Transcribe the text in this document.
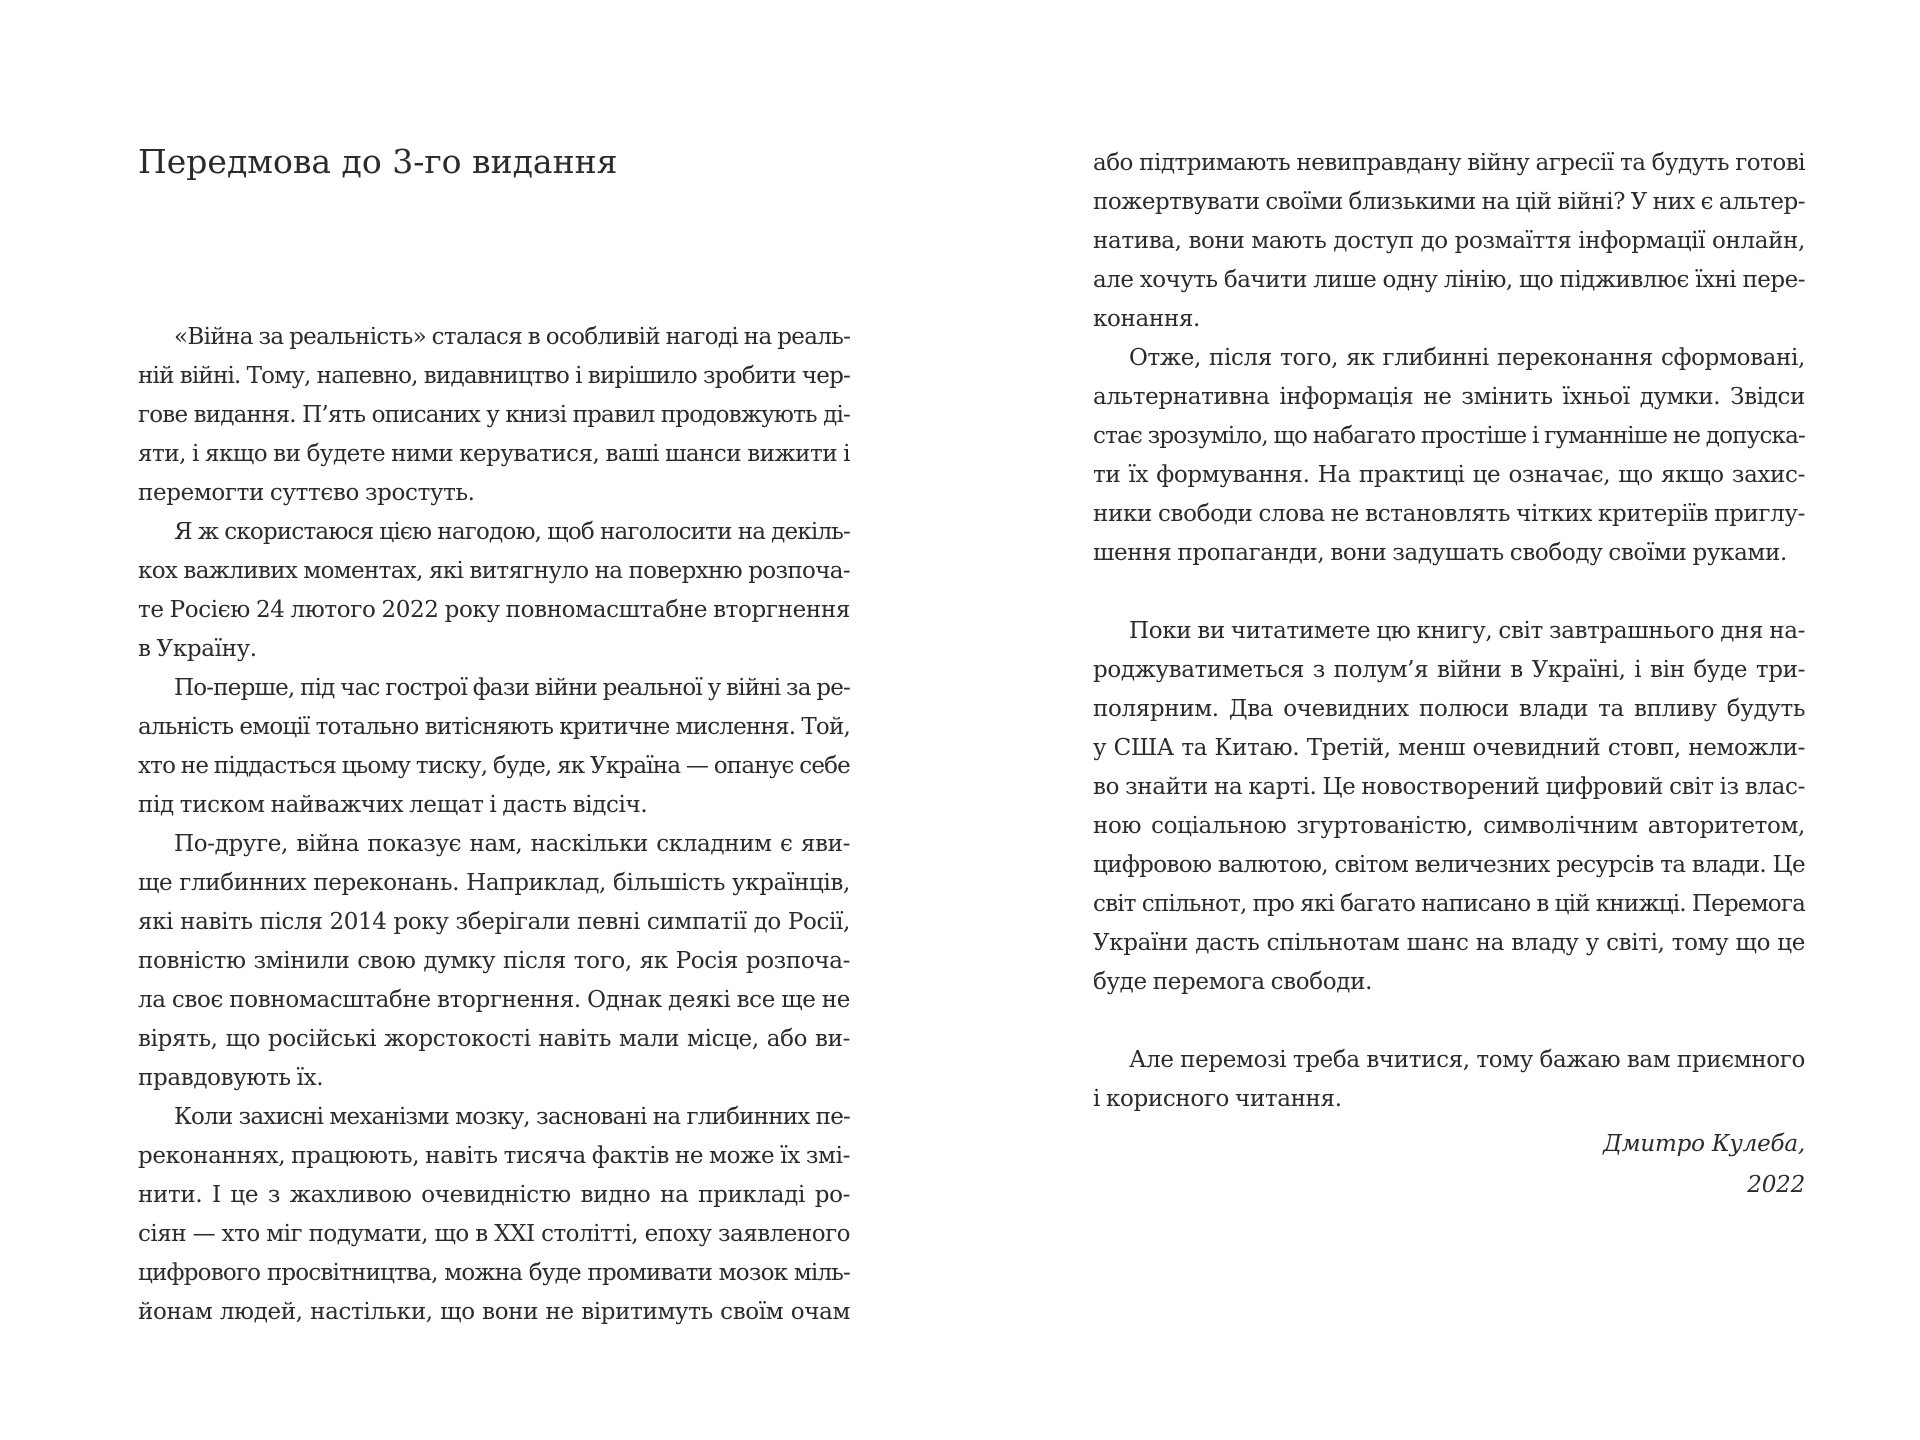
Передмова до 3-го видання
«Війна за реальність» сталася в особливій нагоді на реаль-
ній війні. Тому, напевно, видавництво і вирішило зробити чер-
гове видання. П’ять описаних у книзі правил продовжують ді-
яти, і якщо ви будете ними керуватися, ваші шанси вижити і
перемогти суттєво зростуть.
Я ж скористаюся цією нагодою, щоб наголосити на декіль-
кох важливих моментах, які витягнуло на поверхню розпоча-
те Росією 24 лютого 2022 року повномасштабне вторгнення
в Україну.
По-перше, під час гострої фази війни реальної у війні за ре-
альність емоції тотально витісняють критичне мислення. Той,
хто не піддасться цьому тиску, буде, як Україна — опанує себе
під тиском найважчих лещат і дасть відсіч.
По-друге, війна показує нам, наскільки складним є яви-
ще глибинних переконань. Наприклад, більшість українців,
які навіть після 2014 року зберігали певні симпатії до Росії,
повністю змінили свою думку після того, як Росія розпоча-
ла своє повномасштабне вторгнення. Однак деякі все ще не
вірять, що російські жорстокості навіть мали місце, або ви-
правдовують їх.
Коли захисні механізми мозку, засновані на глибинних пе-
реконаннях, працюють, навіть тисяча фактів не може їх змі-
нити. І це з жахливою очевидністю видно на прикладі ро-
сіян — хто міг подумати, що в ХХІ столітті, епоху заявленого
цифрового просвітництва, можна буде промивати мозок міль-
йонам людей, настільки, що вони не віритимуть своїм очам
або підтримають невиправдану війну агресії та будуть готові
пожертвувати своїми близькими на цій війні? У них є альтер-
натива, вони мають доступ до розмаїття інформації онлайн,
але хочуть бачити лише одну лінію, що підживлює їхні пере-
конання.
Отже, після того, як глибинні переконання сформовані,
альтернативна інформація не змінить їхньої думки. Звідси
стає зрозуміло, що набагато простіше і гуманніше не допуска-
ти їх формування. На практиці це означає, що якщо захис-
ники свободи слова не встановлять чітких критеріїв приглу-
шення пропаганди, вони задушать свободу своїми руками.
Поки ви читатимете цю книгу, світ завтрашнього дня на-
роджуватиметься з полум’я війни в Україні, і він буде три-
полярним. Два очевидних полюси влади та впливу будуть
у США та Китаю. Третій, менш очевидний стовп, неможли-
во знайти на карті. Це новостворений цифровий світ із влас-
ною соціальною згуртованістю, символічним авторитетом,
цифровою валютою, світом величезних ресурсів та влади. Це
світ спільнот, про які багато написано в цій книжці. Перемога
України дасть спільнотам шанс на владу у світі, тому що це
буде перемога свободи.
Але перемозі треба вчитися, тому бажаю вам приємного
і корисного читання.
Дмитро Кулеба,
2022
